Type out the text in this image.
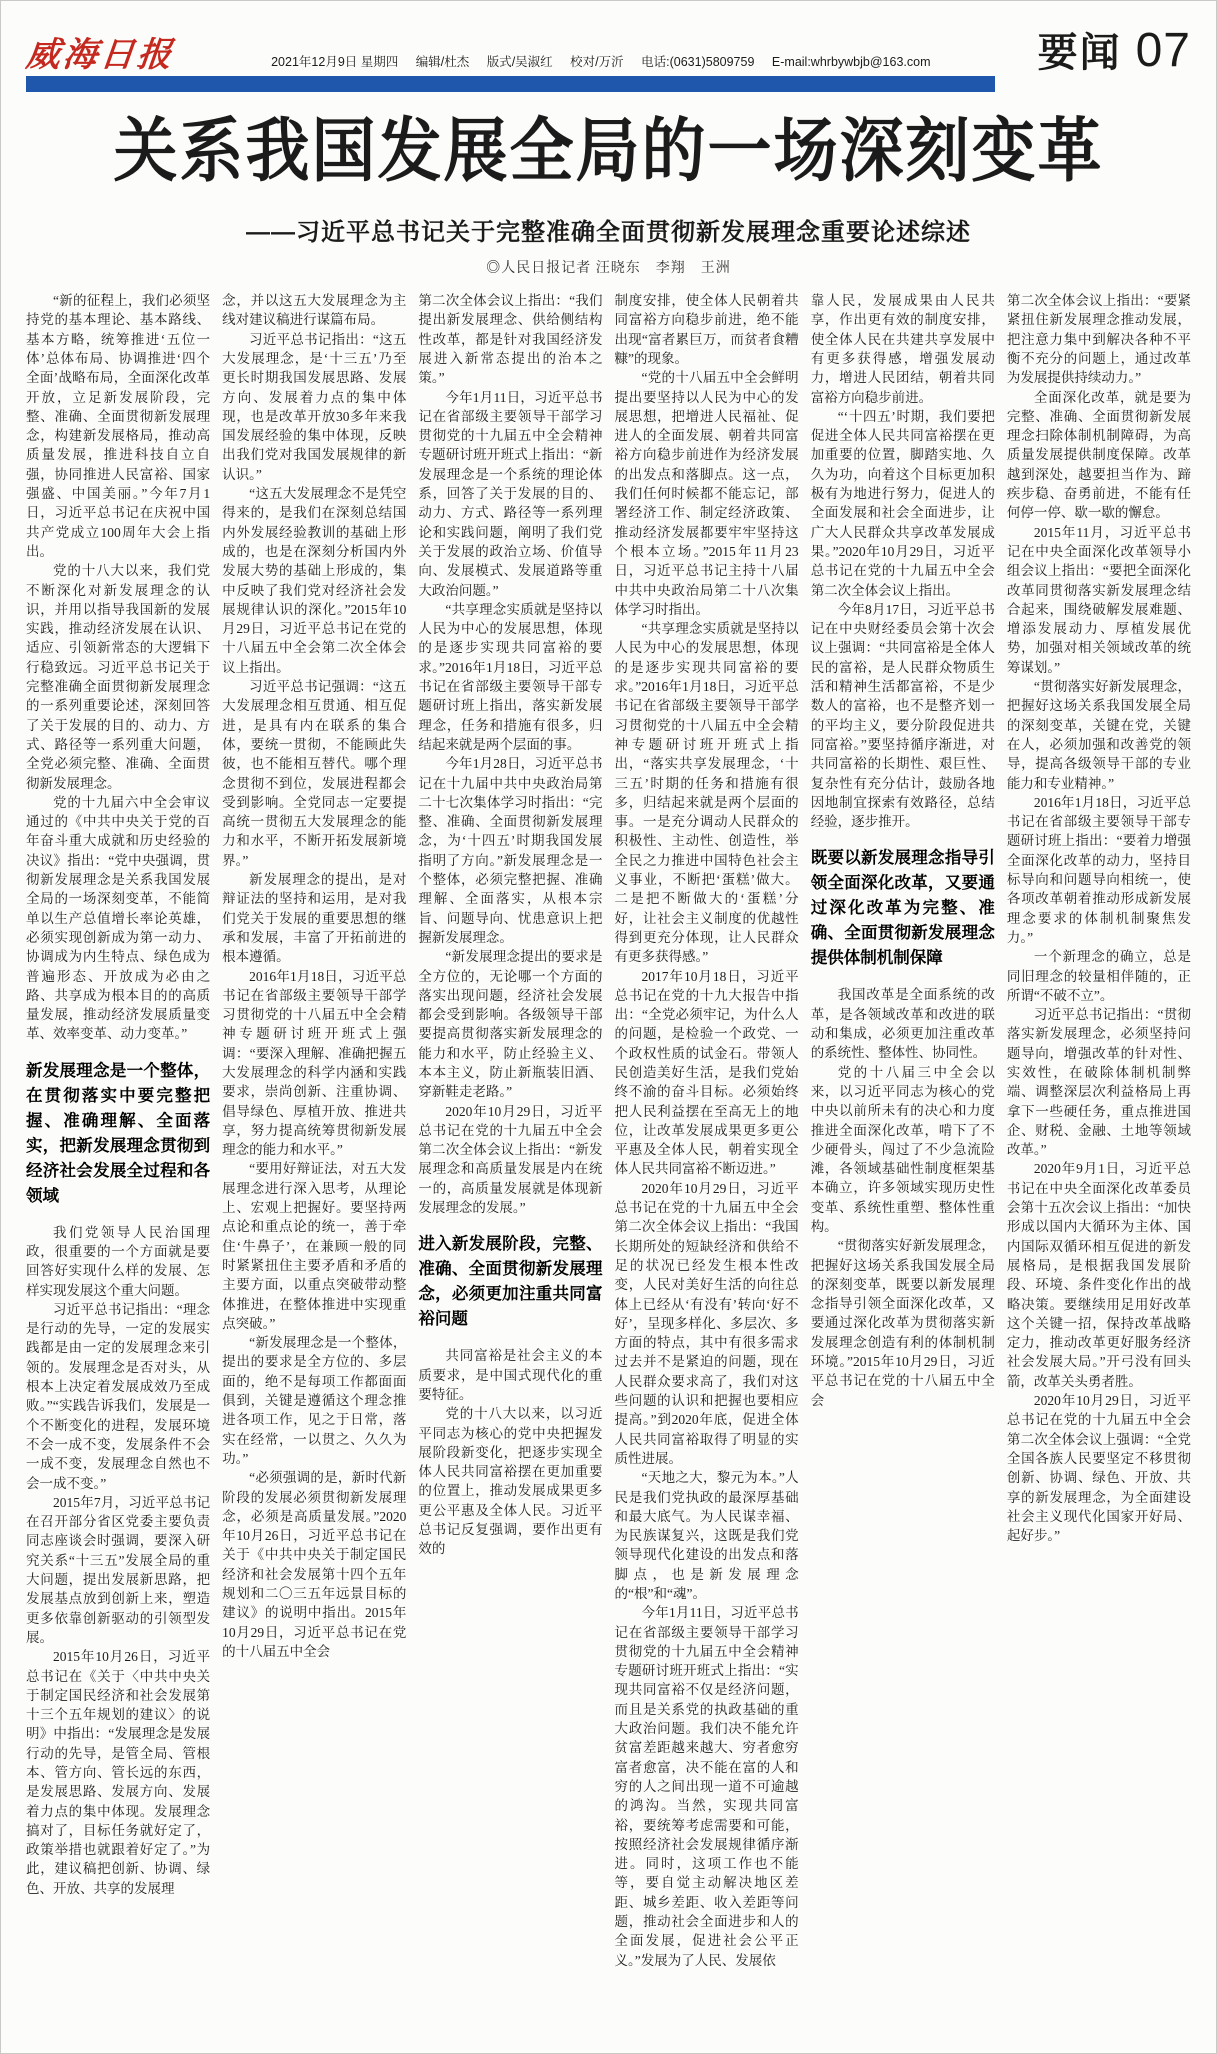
威海日报	2021年12月9日 星期四 编辑/杜杰 版式/吴淑红 校对/万沂 电话:(0631)5809759 E-mail:whrbywbjb@163.com	要闻 07
关系我国发展全局的一场深刻变革
——习近平总书记关于完整准确全面贯彻新发展理念重要论述综述
◎人民日报记者 汪晓东　李翔　王洲

“新的征程上，我们必须坚持党的基本理论、基本路线、基本方略，统筹推进‘五位一体’总体布局、协调推进‘四个全面’战略布局，全面深化改革开放，立足新发展阶段，完整、准确、全面贯彻新发展理念，构建新发展格局，推动高质量发展，推进科技自立自强，协同推进人民富裕、国家强盛、中国美丽。”今年7月1日，习近平总书记在庆祝中国共产党成立100周年大会上指出。

党的十八大以来，我们党不断深化对新发展理念的认识，并用以指导我国新的发展实践，推动经济发展在认识、适应、引领新常态的大逻辑下行稳致远。习近平总书记关于完整准确全面贯彻新发展理念的一系列重要论述，深刻回答了关于发展的目的、动力、方式、路径等一系列重大问题，全党必须完整、准确、全面贯彻新发展理念。

党的十九届六中全会审议通过的《中共中央关于党的百年奋斗重大成就和历史经验的决议》指出：“党中央强调，贯彻新发展理念是关系我国发展全局的一场深刻变革，不能简单以生产总值增长率论英雄，必须实现创新成为第一动力、协调成为内生特点、绿色成为普遍形态、开放成为必由之路、共享成为根本目的的高质量发展，推动经济发展质量变革、效率变革、动力变革。”

新发展理念是一个整体，在贯彻落实中要完整把握、准确理解、全面落实，把新发展理念贯彻到经济社会发展全过程和各领域

我们党领导人民治国理政，很重要的一个方面就是要回答好实现什么样的发展、怎样实现发展这个重大问题。

习近平总书记指出：“理念是行动的先导，一定的发展实践都是由一定的发展理念来引领的。发展理念是否对头，从根本上决定着发展成效乃至成败。”“实践告诉我们，发展是一个不断变化的进程，发展环境不会一成不变，发展条件不会一成不变，发展理念自然也不会一成不变。”

2015年7月，习近平总书记在召开部分省区党委主要负责同志座谈会时强调，要深入研究关系“十三五”发展全局的重大问题，提出发展新思路，把发展基点放到创新上来，塑造更多依靠创新驱动的引领型发展。

2015年10月26日，习近平总书记在《关于〈中共中央关于制定国民经济和社会发展第十三个五年规划的建议〉的说明》中指出：“发展理念是发展行动的先导，是管全局、管根本、管方向、管长远的东西，是发展思路、发展方向、发展着力点的集中体现。发展理念搞对了，目标任务就好定了，政策举措也就跟着好定了。”为此，建议稿把创新、协调、绿色、开放、共享的发展理

念，并以这五大发展理念为主线对建议稿进行谋篇布局。

习近平总书记指出：“这五大发展理念，是‘十三五’乃至更长时期我国发展思路、发展方向、发展着力点的集中体现，也是改革开放30多年来我国发展经验的集中体现，反映出我们党对我国发展规律的新认识。”

“这五大发展理念不是凭空得来的，是我们在深刻总结国内外发展经验教训的基础上形成的，也是在深刻分析国内外发展大势的基础上形成的，集中反映了我们党对经济社会发展规律认识的深化。”2015年10月29日，习近平总书记在党的十八届五中全会第二次全体会议上指出。

习近平总书记强调：“这五大发展理念相互贯通、相互促进，是具有内在联系的集合体，要统一贯彻，不能顾此失彼，也不能相互替代。哪个理念贯彻不到位，发展进程都会受到影响。全党同志一定要提高统一贯彻五大发展理念的能力和水平，不断开拓发展新境界。”

新发展理念的提出，是对辩证法的坚持和运用，是对我们党关于发展的重要思想的继承和发展，丰富了开拓前进的根本遵循。

2016年1月18日，习近平总书记在省部级主要领导干部学习贯彻党的十八届五中全会精神专题研讨班开班式上强调：“要深入理解、准确把握五大发展理念的科学内涵和实践要求，崇尚创新、注重协调、倡导绿色、厚植开放、推进共享，努力提高统筹贯彻新发展理念的能力和水平。”

“要用好辩证法，对五大发展理念进行深入思考，从理论上、宏观上把握好。要坚持两点论和重点论的统一，善于牵住‘牛鼻子’，在兼顾一般的同时紧紧扭住主要矛盾和矛盾的主要方面，以重点突破带动整体推进，在整体推进中实现重点突破。”

“新发展理念是一个整体，提出的要求是全方位的、多层面的，绝不是每项工作都面面俱到，关键是遵循这个理念推进各项工作，见之于日常，落实在经常，一以贯之、久久为功。”

“必须强调的是，新时代新阶段的发展必须贯彻新发展理念，必须是高质量发展。”2020年10月26日，习近平总书记在关于《中共中央关于制定国民经济和社会发展第十四个五年规划和二〇三五年远景目标的建议》的说明中指出。2015年10月29日，习近平总书记在党的十八届五中全会

第二次全体会议上指出：“我们提出新发展理念、供给侧结构性改革，都是针对我国经济发展进入新常态提出的治本之策。”

今年1月11日，习近平总书记在省部级主要领导干部学习贯彻党的十九届五中全会精神专题研讨班开班式上指出：“新发展理念是一个系统的理论体系，回答了关于发展的目的、动力、方式、路径等一系列理论和实践问题，阐明了我们党关于发展的政治立场、价值导向、发展模式、发展道路等重大政治问题。”

“共享理念实质就是坚持以人民为中心的发展思想，体现的是逐步实现共同富裕的要求。”2016年1月18日，习近平总书记在省部级主要领导干部专题研讨班上指出，落实新发展理念，任务和措施有很多，归结起来就是两个层面的事。

今年1月28日，习近平总书记在十九届中共中央政治局第二十七次集体学习时指出：“完整、准确、全面贯彻新发展理念，为‘十四五’时期我国发展指明了方向。”新发展理念是一个整体，必须完整把握、准确理解、全面落实，从根本宗旨、问题导向、忧患意识上把握新发展理念。

“新发展理念提出的要求是全方位的，无论哪一个方面的落实出现问题，经济社会发展都会受到影响。各级领导干部要提高贯彻落实新发展理念的能力和水平，防止经验主义、本本主义，防止新瓶装旧酒、穿新鞋走老路。”

2020年10月29日，习近平总书记在党的十九届五中全会第二次全体会议上指出：“新发展理念和高质量发展是内在统一的，高质量发展就是体现新发展理念的发展。”

进入新发展阶段，完整、准确、全面贯彻新发展理念，必须更加注重共同富裕问题

共同富裕是社会主义的本质要求，是中国式现代化的重要特征。

党的十八大以来，以习近平同志为核心的党中央把握发展阶段新变化，把逐步实现全体人民共同富裕摆在更加重要的位置上，推动发展成果更多更公平惠及全体人民。习近平总书记反复强调，要作出更有效的

制度安排，使全体人民朝着共同富裕方向稳步前进，绝不能出现“富者累巨万，而贫者食糟糠”的现象。

“党的十八届五中全会鲜明提出要坚持以人民为中心的发展思想，把增进人民福祉、促进人的全面发展、朝着共同富裕方向稳步前进作为经济发展的出发点和落脚点。这一点，我们任何时候都不能忘记，部署经济工作、制定经济政策、推动经济发展都要牢牢坚持这个根本立场。”2015年11月23日，习近平总书记主持十八届中共中央政治局第二十八次集体学习时指出。

“共享理念实质就是坚持以人民为中心的发展思想，体现的是逐步实现共同富裕的要求。”2016年1月18日，习近平总书记在省部级主要领导干部学习贯彻党的十八届五中全会精神专题研讨班开班式上指出，“落实共享发展理念，‘十三五’时期的任务和措施有很多，归结起来就是两个层面的事。一是充分调动人民群众的积极性、主动性、创造性，举全民之力推进中国特色社会主义事业，不断把‘蛋糕’做大。二是把不断做大的‘蛋糕’分好，让社会主义制度的优越性得到更充分体现，让人民群众有更多获得感。”

2017年10月18日，习近平总书记在党的十九大报告中指出：“全党必须牢记，为什么人的问题，是检验一个政党、一个政权性质的试金石。带领人民创造美好生活，是我们党始终不渝的奋斗目标。必须始终把人民利益摆在至高无上的地位，让改革发展成果更多更公平惠及全体人民，朝着实现全体人民共同富裕不断迈进。”

2020年10月29日，习近平总书记在党的十九届五中全会第二次全体会议上指出：“我国长期所处的短缺经济和供给不足的状况已经发生根本性改变，人民对美好生活的向往总体上已经从‘有没有’转向‘好不好’，呈现多样化、多层次、多方面的特点，其中有很多需求过去并不是紧迫的问题，现在人民群众要求高了，我们对这些问题的认识和把握也要相应提高。”到2020年底，促进全体人民共同富裕取得了明显的实质性进展。

“天地之大，黎元为本。”人民是我们党执政的最深厚基础和最大底气。为人民谋幸福、为民族谋复兴，这既是我们党领导现代化建设的出发点和落脚点，也是新发展理念的“根”和“魂”。

今年1月11日，习近平总书记在省部级主要领导干部学习贯彻党的十九届五中全会精神专题研讨班开班式上指出：“实现共同富裕不仅是经济问题，而且是关系党的执政基础的重大政治问题。我们决不能允许贫富差距越来越大、穷者愈穷富者愈富，决不能在富的人和穷的人之间出现一道不可逾越的鸿沟。当然，实现共同富裕，要统筹考虑需要和可能，按照经济社会发展规律循序渐进。同时，这项工作也不能等，要自觉主动解决地区差距、城乡差距、收入差距等问题，推动社会全面进步和人的全面发展，促进社会公平正义。”发展为了人民、发展依

靠人民，发展成果由人民共享，作出更有效的制度安排，使全体人民在共建共享发展中有更多获得感，增强发展动力，增进人民团结，朝着共同富裕方向稳步前进。

“‘十四五’时期，我们要把促进全体人民共同富裕摆在更加重要的位置，脚踏实地、久久为功，向着这个目标更加积极有为地进行努力，促进人的全面发展和社会全面进步，让广大人民群众共享改革发展成果。”2020年10月29日，习近平总书记在党的十九届五中全会第二次全体会议上指出。

今年8月17日，习近平总书记在中央财经委员会第十次会议上强调：“共同富裕是全体人民的富裕，是人民群众物质生活和精神生活都富裕，不是少数人的富裕，也不是整齐划一的平均主义，要分阶段促进共同富裕。”要坚持循序渐进，对共同富裕的长期性、艰巨性、复杂性有充分估计，鼓励各地因地制宜探索有效路径，总结经验，逐步推开。

既要以新发展理念指导引领全面深化改革，又要通过深化改革为完整、准确、全面贯彻新发展理念提供体制机制保障

我国改革是全面系统的改革，是各领域改革和改进的联动和集成，必须更加注重改革的系统性、整体性、协同性。

党的十八届三中全会以来，以习近平同志为核心的党中央以前所未有的决心和力度推进全面深化改革，啃下了不少硬骨头，闯过了不少急流险滩，各领域基础性制度框架基本确立，许多领域实现历史性变革、系统性重塑、整体性重构。

“贯彻落实好新发展理念，把握好这场关系我国发展全局的深刻变革，既要以新发展理念指导引领全面深化改革，又要通过深化改革为贯彻落实新发展理念创造有利的体制机制环境。”2015年10月29日，习近平总书记在党的十八届五中全会

第二次全体会议上指出：“要紧紧扭住新发展理念推动发展，把注意力集中到解决各种不平衡不充分的问题上，通过改革为发展提供持续动力。”

全面深化改革，就是要为完整、准确、全面贯彻新发展理念扫除体制机制障碍，为高质量发展提供制度保障。改革越到深处，越要担当作为、蹄疾步稳、奋勇前进，不能有任何停一停、歇一歇的懈怠。

2015年11月，习近平总书记在中央全面深化改革领导小组会议上指出：“要把全面深化改革同贯彻落实新发展理念结合起来，围绕破解发展难题、增添发展动力、厚植发展优势，加强对相关领域改革的统筹谋划。”

“贯彻落实好新发展理念，把握好这场关系我国发展全局的深刻变革，关键在党，关键在人，必须加强和改善党的领导，提高各级领导干部的专业能力和专业精神。”

2016年1月18日，习近平总书记在省部级主要领导干部专题研讨班上指出：“要着力增强全面深化改革的动力，坚持目标导向和问题导向相统一，使各项改革朝着推动形成新发展理念要求的体制机制聚焦发力。”

一个新理念的确立，总是同旧理念的较量相伴随的，正所谓“不破不立”。

习近平总书记指出：“贯彻落实新发展理念，必须坚持问题导向，增强改革的针对性、实效性，在破除体制机制弊端、调整深层次利益格局上再拿下一些硬任务，重点推进国企、财税、金融、土地等领域改革。”

2020年9月1日，习近平总书记在中央全面深化改革委员会第十五次会议上指出：“加快形成以国内大循环为主体、国内国际双循环相互促进的新发展格局，是根据我国发展阶段、环境、条件变化作出的战略决策。要继续用足用好改革这个关键一招，保持改革战略定力，推动改革更好服务经济社会发展大局。”开弓没有回头箭，改革关头勇者胜。

2020年10月29日，习近平总书记在党的十九届五中全会第二次全体会议上强调：“全党全国各族人民要坚定不移贯彻创新、协调、绿色、开放、共享的新发展理念，为全面建设社会主义现代化国家开好局、起好步。”
